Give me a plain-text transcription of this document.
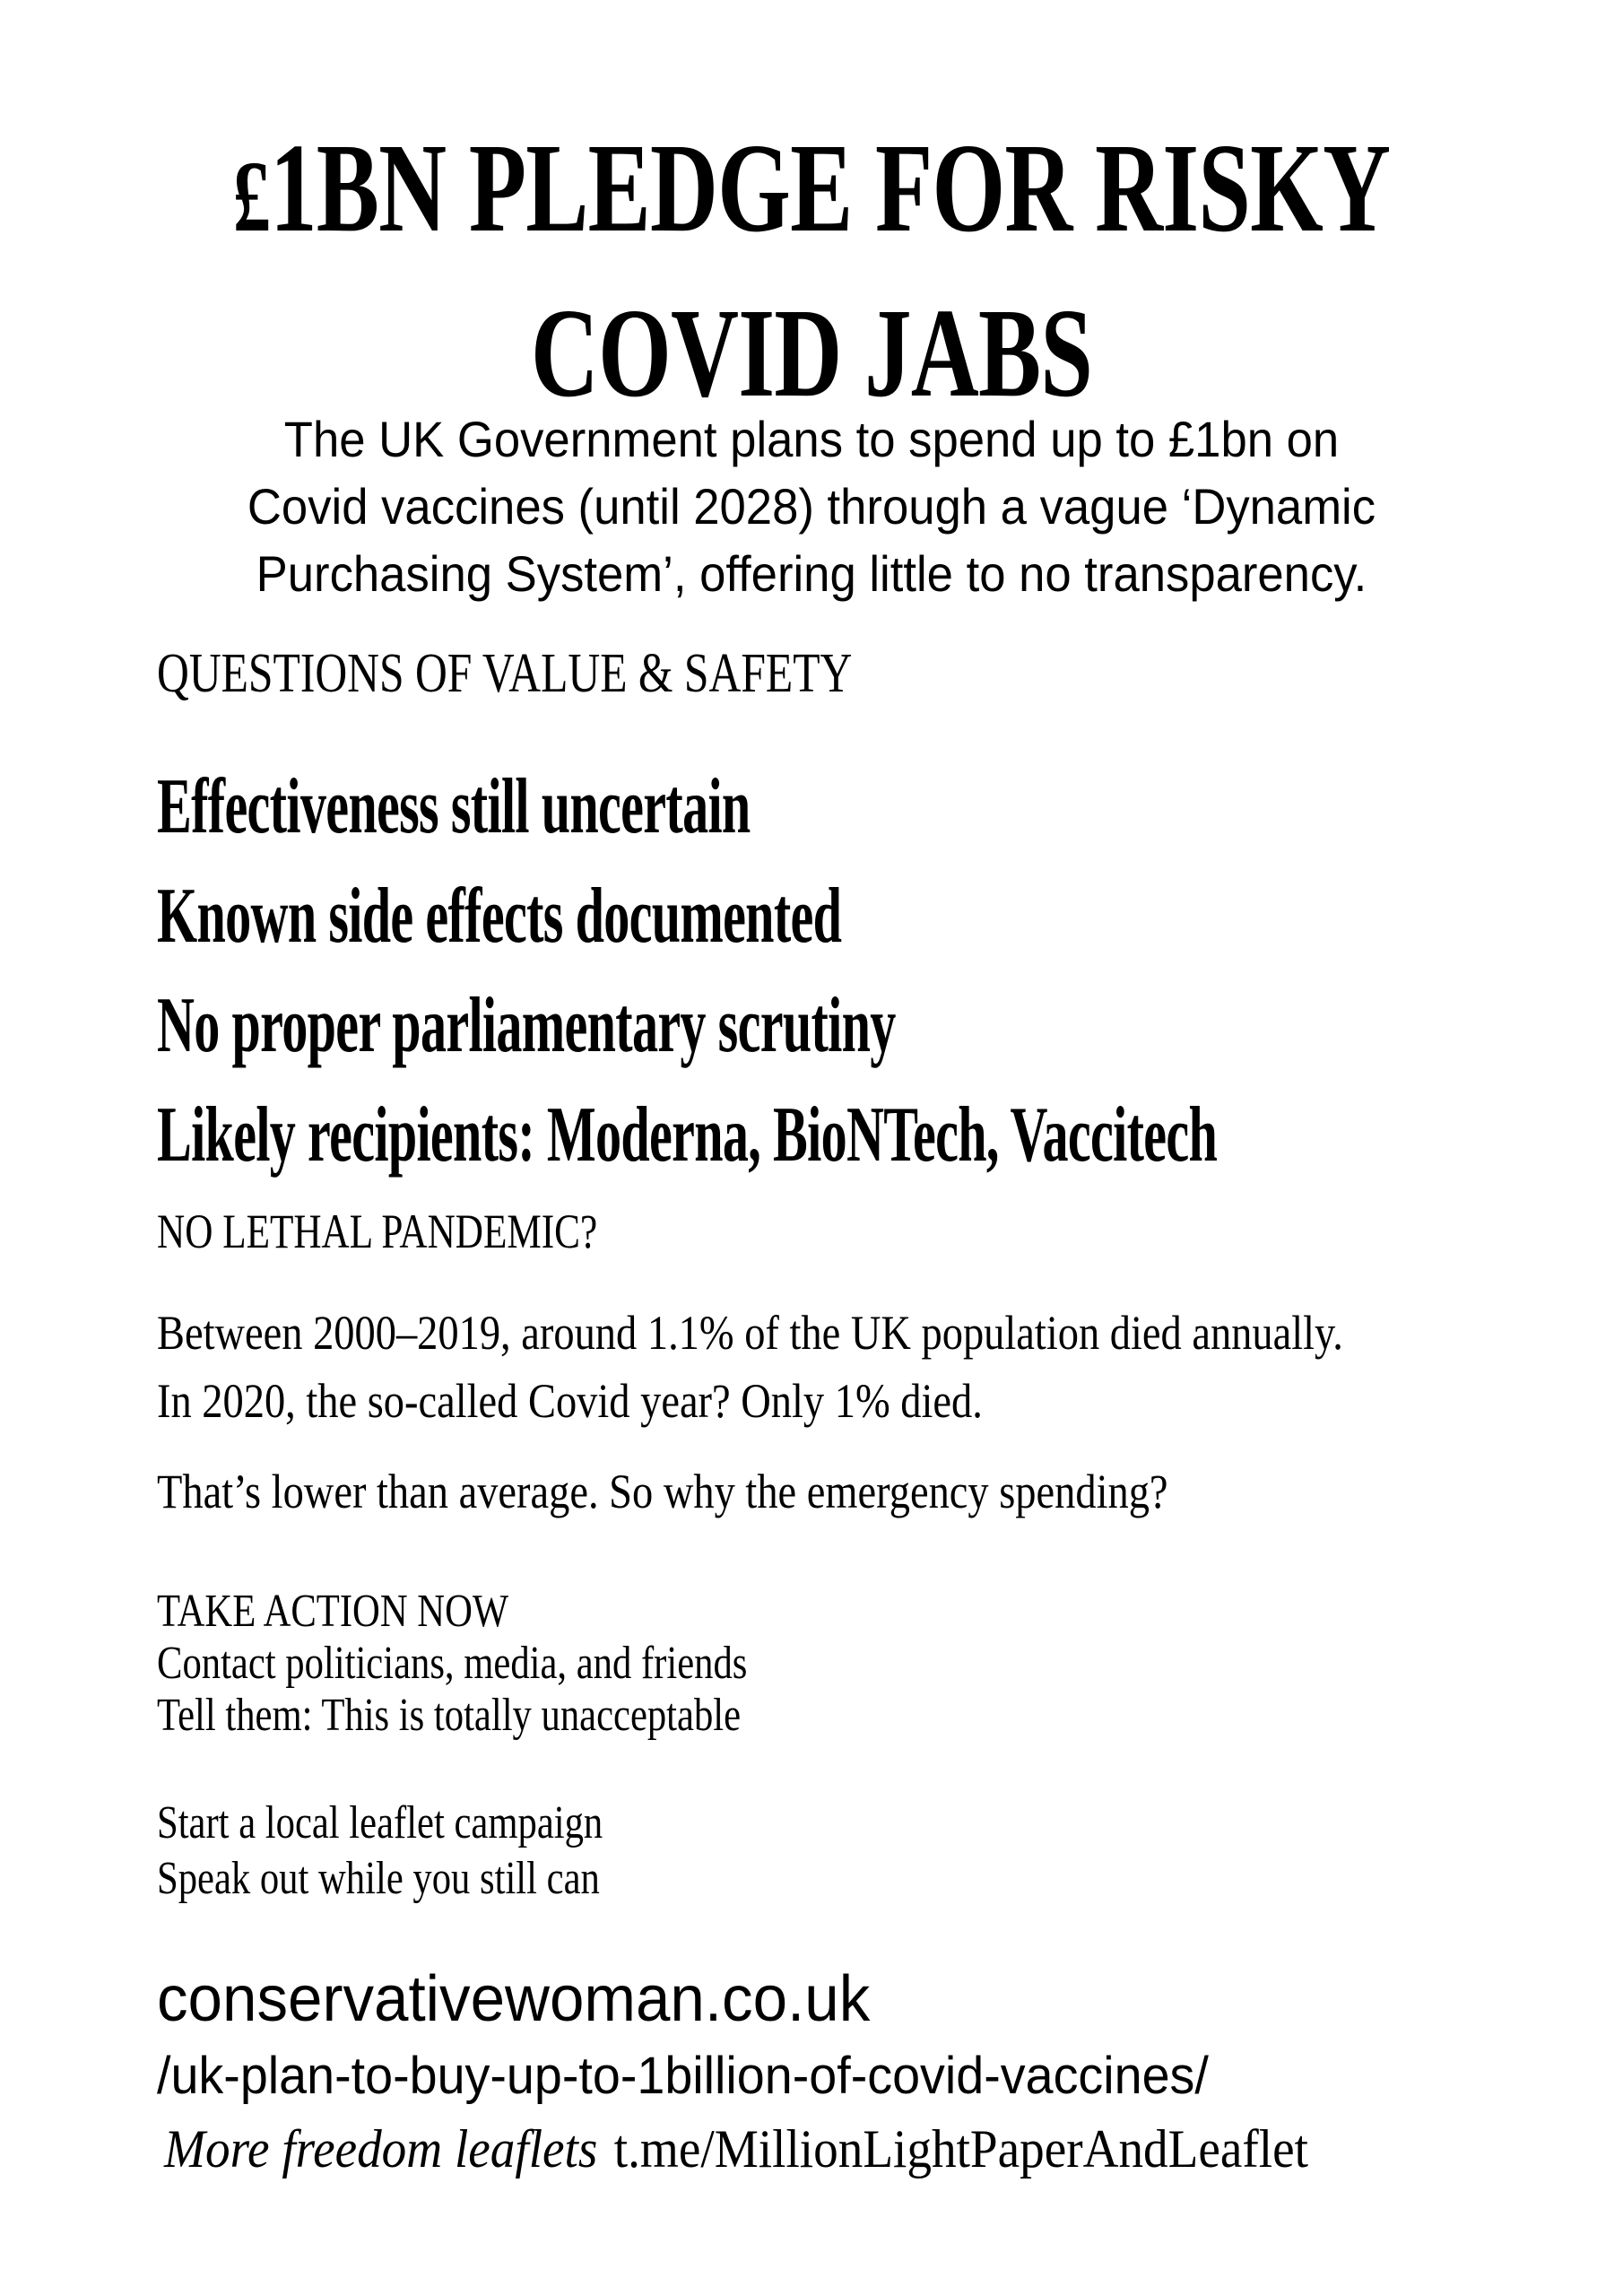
£1BN PLEDGE FOR RISKY
COVID JABS
The UK Government plans to spend up to £1bn on
Covid vaccines (until 2028) through a vague ‘Dynamic
Purchasing System’, offering little to no transparency.
QUESTIONS OF VALUE & SAFETY
Effectiveness still uncertain
Known side effects documented
No proper parliamentary scrutiny
Likely recipients: Moderna, BioNTech, Vaccitech
NO LETHAL PANDEMIC?
Between 2000–2019, around 1.1% of the UK population died annually.
In 2020, the so-called Covid year? Only 1% died.
That’s lower than average. So why the emergency spending?
TAKE ACTION NOW
Contact politicians, media, and friends
Tell them: This is totally unacceptable
Start a local leaflet campaign
Speak out while you still can
conservativewoman.co.uk
/uk-plan-to-buy-up-to-1billion-of-covid-vaccines/
More freedom leaflets t.me/MillionLightPaperAndLeaflet
